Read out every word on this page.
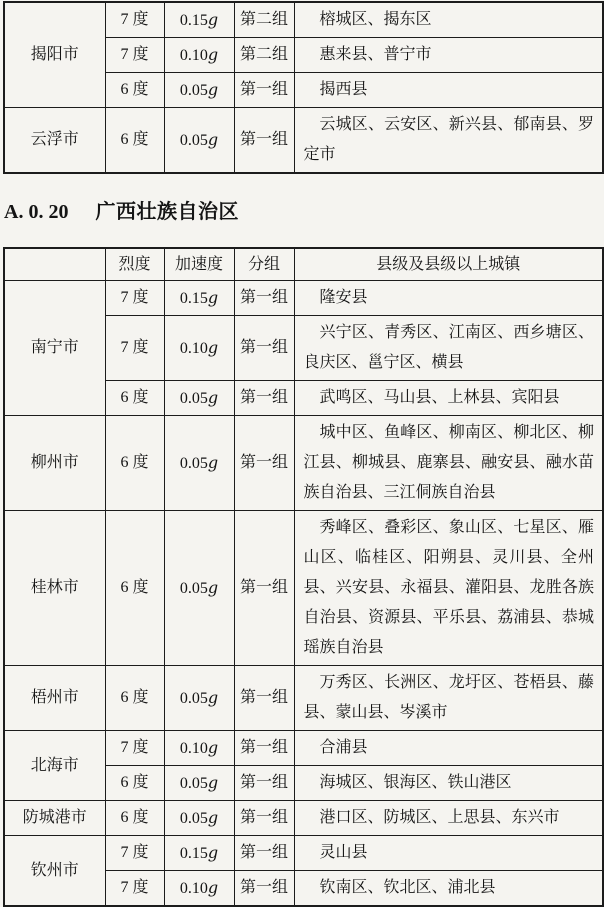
揭阳市	7 度	0.15g	第二组	榕城区、揭东区
	7 度	0.10g	第二组	惠来县、普宁市
	6 度	0.05g	第一组	揭西县
云浮市	6 度	0.05g	第一组	云城区、云安区、新兴县、郁南县、罗定市
A. 0. 20 广西壮族自治区
	烈度	加速度	分组	县级及县级以上城镇
南宁市	7 度	0.15g	第一组	隆安县
	7 度	0.10g	第一组	兴宁区、青秀区、江南区、西乡塘区、良庆区、邕宁区、横县
	6 度	0.05g	第一组	武鸣区、马山县、上林县、宾阳县
柳州市	6 度	0.05g	第一组	城中区、鱼峰区、柳南区、柳北区、柳江县、柳城县、鹿寨县、融安县、融水苗族自治县、三江侗族自治县
桂林市	6 度	0.05g	第一组	秀峰区、叠彩区、象山区、七星区、雁山区、临桂区、阳朔县、灵川县、全州县、兴安县、永福县、灌阳县、龙胜各族自治县、资源县、平乐县、荔浦县、恭城瑶族自治县
梧州市	6 度	0.05g	第一组	万秀区、长洲区、龙圩区、苍梧县、藤县、蒙山县、岑溪市
北海市	7 度	0.10g	第一组	合浦县
	6 度	0.05g	第一组	海城区、银海区、铁山港区
防城港市	6 度	0.05g	第一组	港口区、防城区、上思县、东兴市
钦州市	7 度	0.15g	第一组	灵山县
	7 度	0.10g	第一组	钦南区、钦北区、浦北县
